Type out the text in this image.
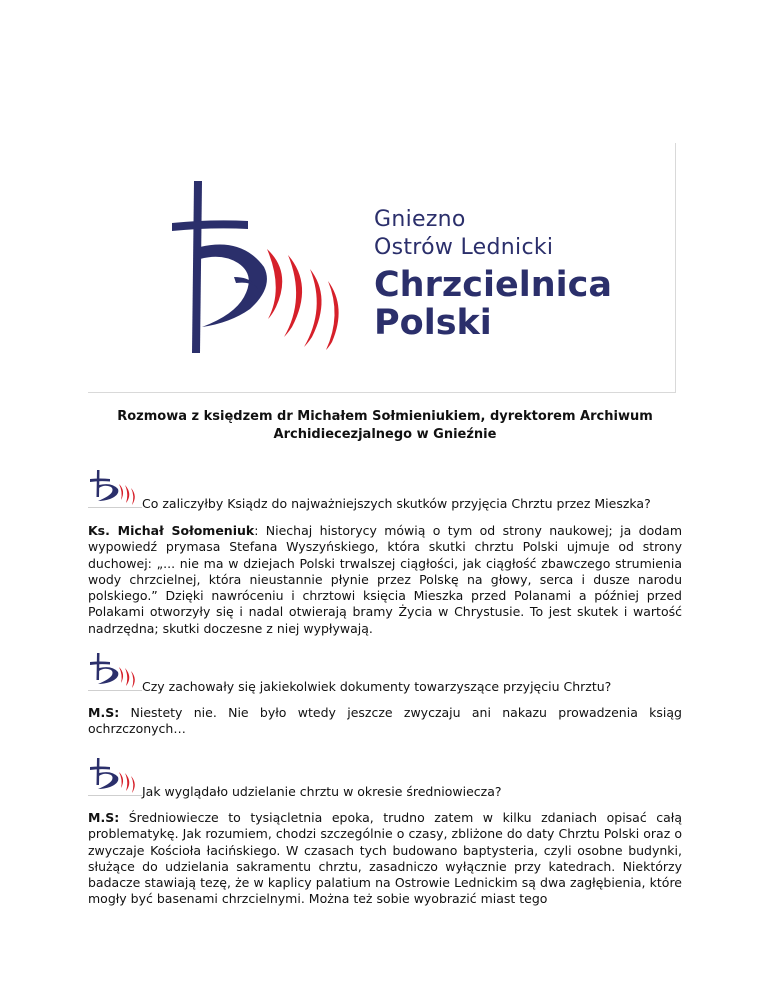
Gniezno
Ostrów Lednicki
Chrzcielnica
Polski
Rozmowa z księdzem dr Michałem Sołmieniukiem, dyrektorem Archiwum
Archidiecezjalnego w Gnieźnie
Co zaliczyłby Ksiądz do najważniejszych skutków przyjęcia Chrztu przez Mieszka?
Ks. Michał Sołomeniuk: Niechaj historycy mówią o tym od strony naukowej; ja dodam wypowiedź prymasa Stefana Wyszyńskiego, która skutki chrztu Polski ujmuje od strony duchowej: „... nie ma w dziejach Polski trwalszej ciągłości, jak ciągłość zbawczego strumienia wody chrzcielnej, która nieustannie płynie przez Polskę na głowy, serca i dusze narodu polskiego.” Dzięki nawróceniu i chrztowi księcia Mieszka przed Polanami a później przed Polakami otworzyły się i nadal otwierają bramy Życia w Chrystusie. To jest skutek i wartość nadrzędna; skutki doczesne z niej wypływają.
Czy zachowały się jakiekolwiek dokumenty towarzyszące przyjęciu Chrztu?
M.S: Niestety nie. Nie było wtedy jeszcze zwyczaju ani nakazu prowadzenia ksiąg ochrzczonych…
Jak wyglądało udzielanie chrztu w okresie średniowiecza?
M.S: Średniowiecze to tysiącletnia epoka, trudno zatem w kilku zdaniach opisać całą problematykę. Jak rozumiem, chodzi szczególnie o czasy, zbliżone do daty Chrztu Polski oraz o zwyczaje Kościoła łacińskiego. W czasach tych budowano baptysteria, czyli osobne budynki, służące do udzielania sakramentu chrztu, zasadniczo wyłącznie przy katedrach. Niektórzy badacze stawiają tezę, że w kaplicy palatium na Ostrowie Lednickim są dwa zagłębienia, które mogły być basenami chrzcielnymi. Można też sobie wyobrazić miast tego
